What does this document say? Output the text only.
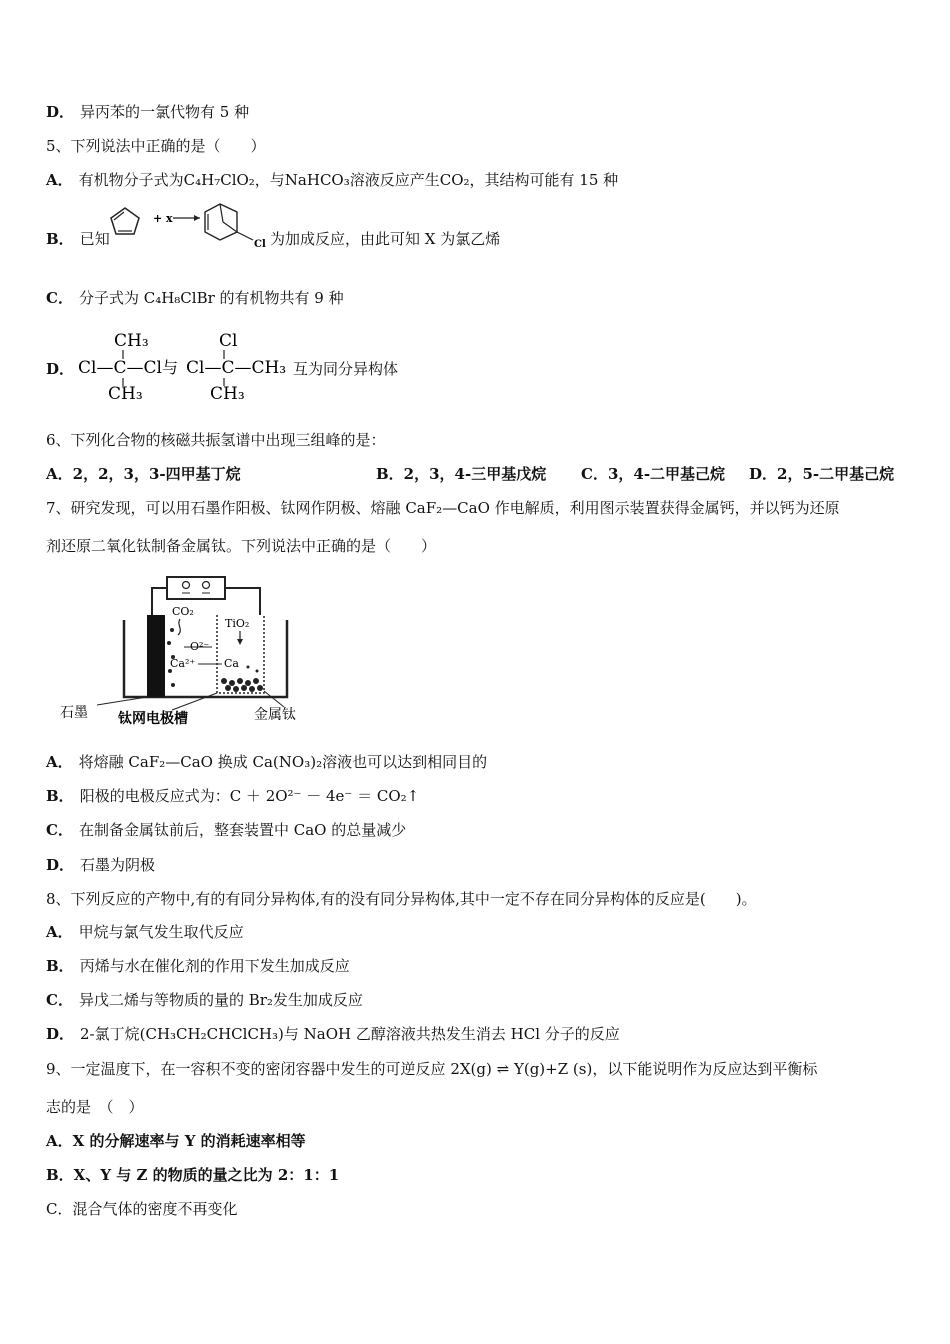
D． 异丙苯的一氯代物有 5 种
5、下列说法中正确的是（　　）
A． 有机物分子式为C₄H₇ClO₂，与NaHCO₃溶液反应产生CO₂，其结构可能有 15 种
B． 已知
+ x
Cl 为加成反应，由此可知 X 为氯乙烯
C． 分子式为 C₄H₈ClBr 的有机物共有 9 种
D．
CH₃
Cl—C—Cl
CH₃
与
Cl
Cl—C—CH₃
CH₃
互为同分异构体
6、下列化合物的核磁共振氢谱中出现三组峰的是：
A．2，2，3，3-四甲基丁烷	B．2，3，4-三甲基戊烷 C．3，4-二甲基己烷 D．2，5-二甲基己烷
7、研究发现，可以用石墨作阳极、钛网作阴极、熔融 CaF₂—CaO 作电解质，利用图示装置获得金属钙，并以钙为还原
剂还原二氧化钛制备金属钛。下列说法中正确的是（　　）
CO₂
TiO₂
O²⁻
Ca²⁺	Ca
石墨 钛网电极槽	金属钛
A． 将熔融 CaF₂—CaO 换成 Ca(NO₃)₂溶液也可以达到相同目的
B． 阳极的电极反应式为：C ＋ 2O²⁻ － 4e⁻ ＝ CO₂↑
C． 在制备金属钛前后，整套装置中 CaO 的总量减少
D． 石墨为阴极
8、下列反应的产物中,有的有同分异构体,有的没有同分异构体,其中一定不存在同分异构体的反应是(　　)。
A． 甲烷与氯气发生取代反应
B． 丙烯与水在催化剂的作用下发生加成反应
C． 异戊二烯与等物质的量的 Br₂发生加成反应
D． 2-氯丁烷(CH₃CH₂CHClCH₃)与 NaOH 乙醇溶液共热发生消去 HCl 分子的反应
9、一定温度下，在一容积不变的密闭容器中发生的可逆反应 2X(g) ⇌ Y(g)+Z (s)，以下能说明作为反应达到平衡标
志的是　（　）
A．X 的分解速率与 Y 的消耗速率相等
B．X、Y 与 Z 的物质的量之比为 2：1：1
C．混合气体的密度不再变化
